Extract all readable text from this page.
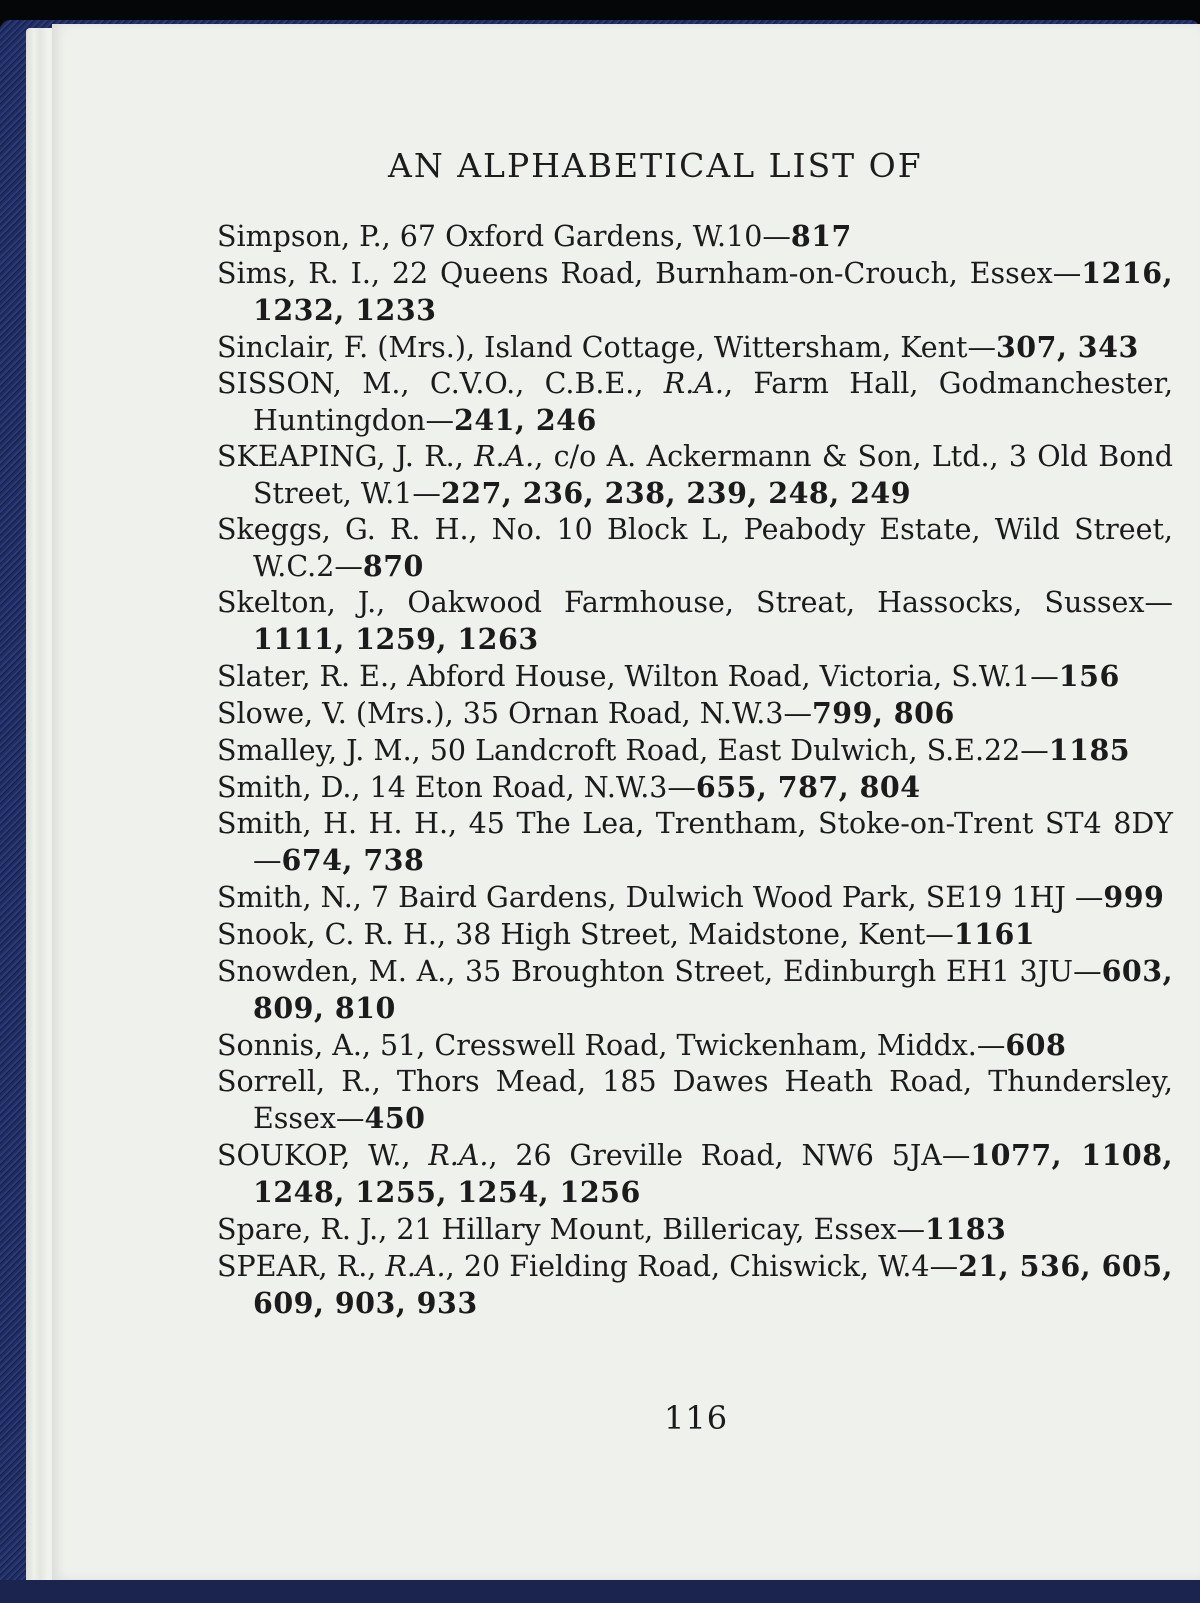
AN ALPHABETICAL LIST OF

Simpson, P., 67 Oxford Gardens, W.10—817

Sims, R. I., 22 Queens Road, Burnham-on-Crouch, Essex—1216, 1232, 1233

Sinclair, F. (Mrs.), Island Cottage, Wittersham, Kent—307, 343

SISSON, M., C.V.O., C.B.E., R.A., Farm Hall, Godmanchester, Huntingdon—241, 246

SKEAPING, J. R., R.A., c/o A. Ackermann & Son, Ltd., 3 Old Bond Street, W.1—227, 236, 238, 239, 248, 249

Skeggs, G. R. H., No. 10 Block L, Peabody Estate, Wild Street, W.C.2—870

Skelton, J., Oakwood Farmhouse, Streat, Hassocks, Sussex—1111, 1259, 1263

Slater, R. E., Abford House, Wilton Road, Victoria, S.W.1—156

Slowe, V. (Mrs.), 35 Ornan Road, N.W.3—799, 806

Smalley, J. M., 50 Landcroft Road, East Dulwich, S.E.22—1185

Smith, D., 14 Eton Road, N.W.3—655, 787, 804

Smith, H. H. H., 45 The Lea, Trentham, Stoke-on-Trent ST4 8DY—674, 738

Smith, N., 7 Baird Gardens, Dulwich Wood Park, SE19 1HJ —999

Snook, C. R. H., 38 High Street, Maidstone, Kent—1161

Snowden, M. A., 35 Broughton Street, Edinburgh EH1 3JU—603, 809, 810

Sonnis, A., 51, Cresswell Road, Twickenham, Middx.—608

Sorrell, R., Thors Mead, 185 Dawes Heath Road, Thundersley, Essex—450

SOUKOP, W., R.A., 26 Greville Road, NW6 5JA—1077, 1108, 1248, 1255, 1254, 1256

Spare, R. J., 21 Hillary Mount, Billericay, Essex—1183

SPEAR, R., R.A., 20 Fielding Road, Chiswick, W.4—21, 536, 605, 609, 903, 933

116
